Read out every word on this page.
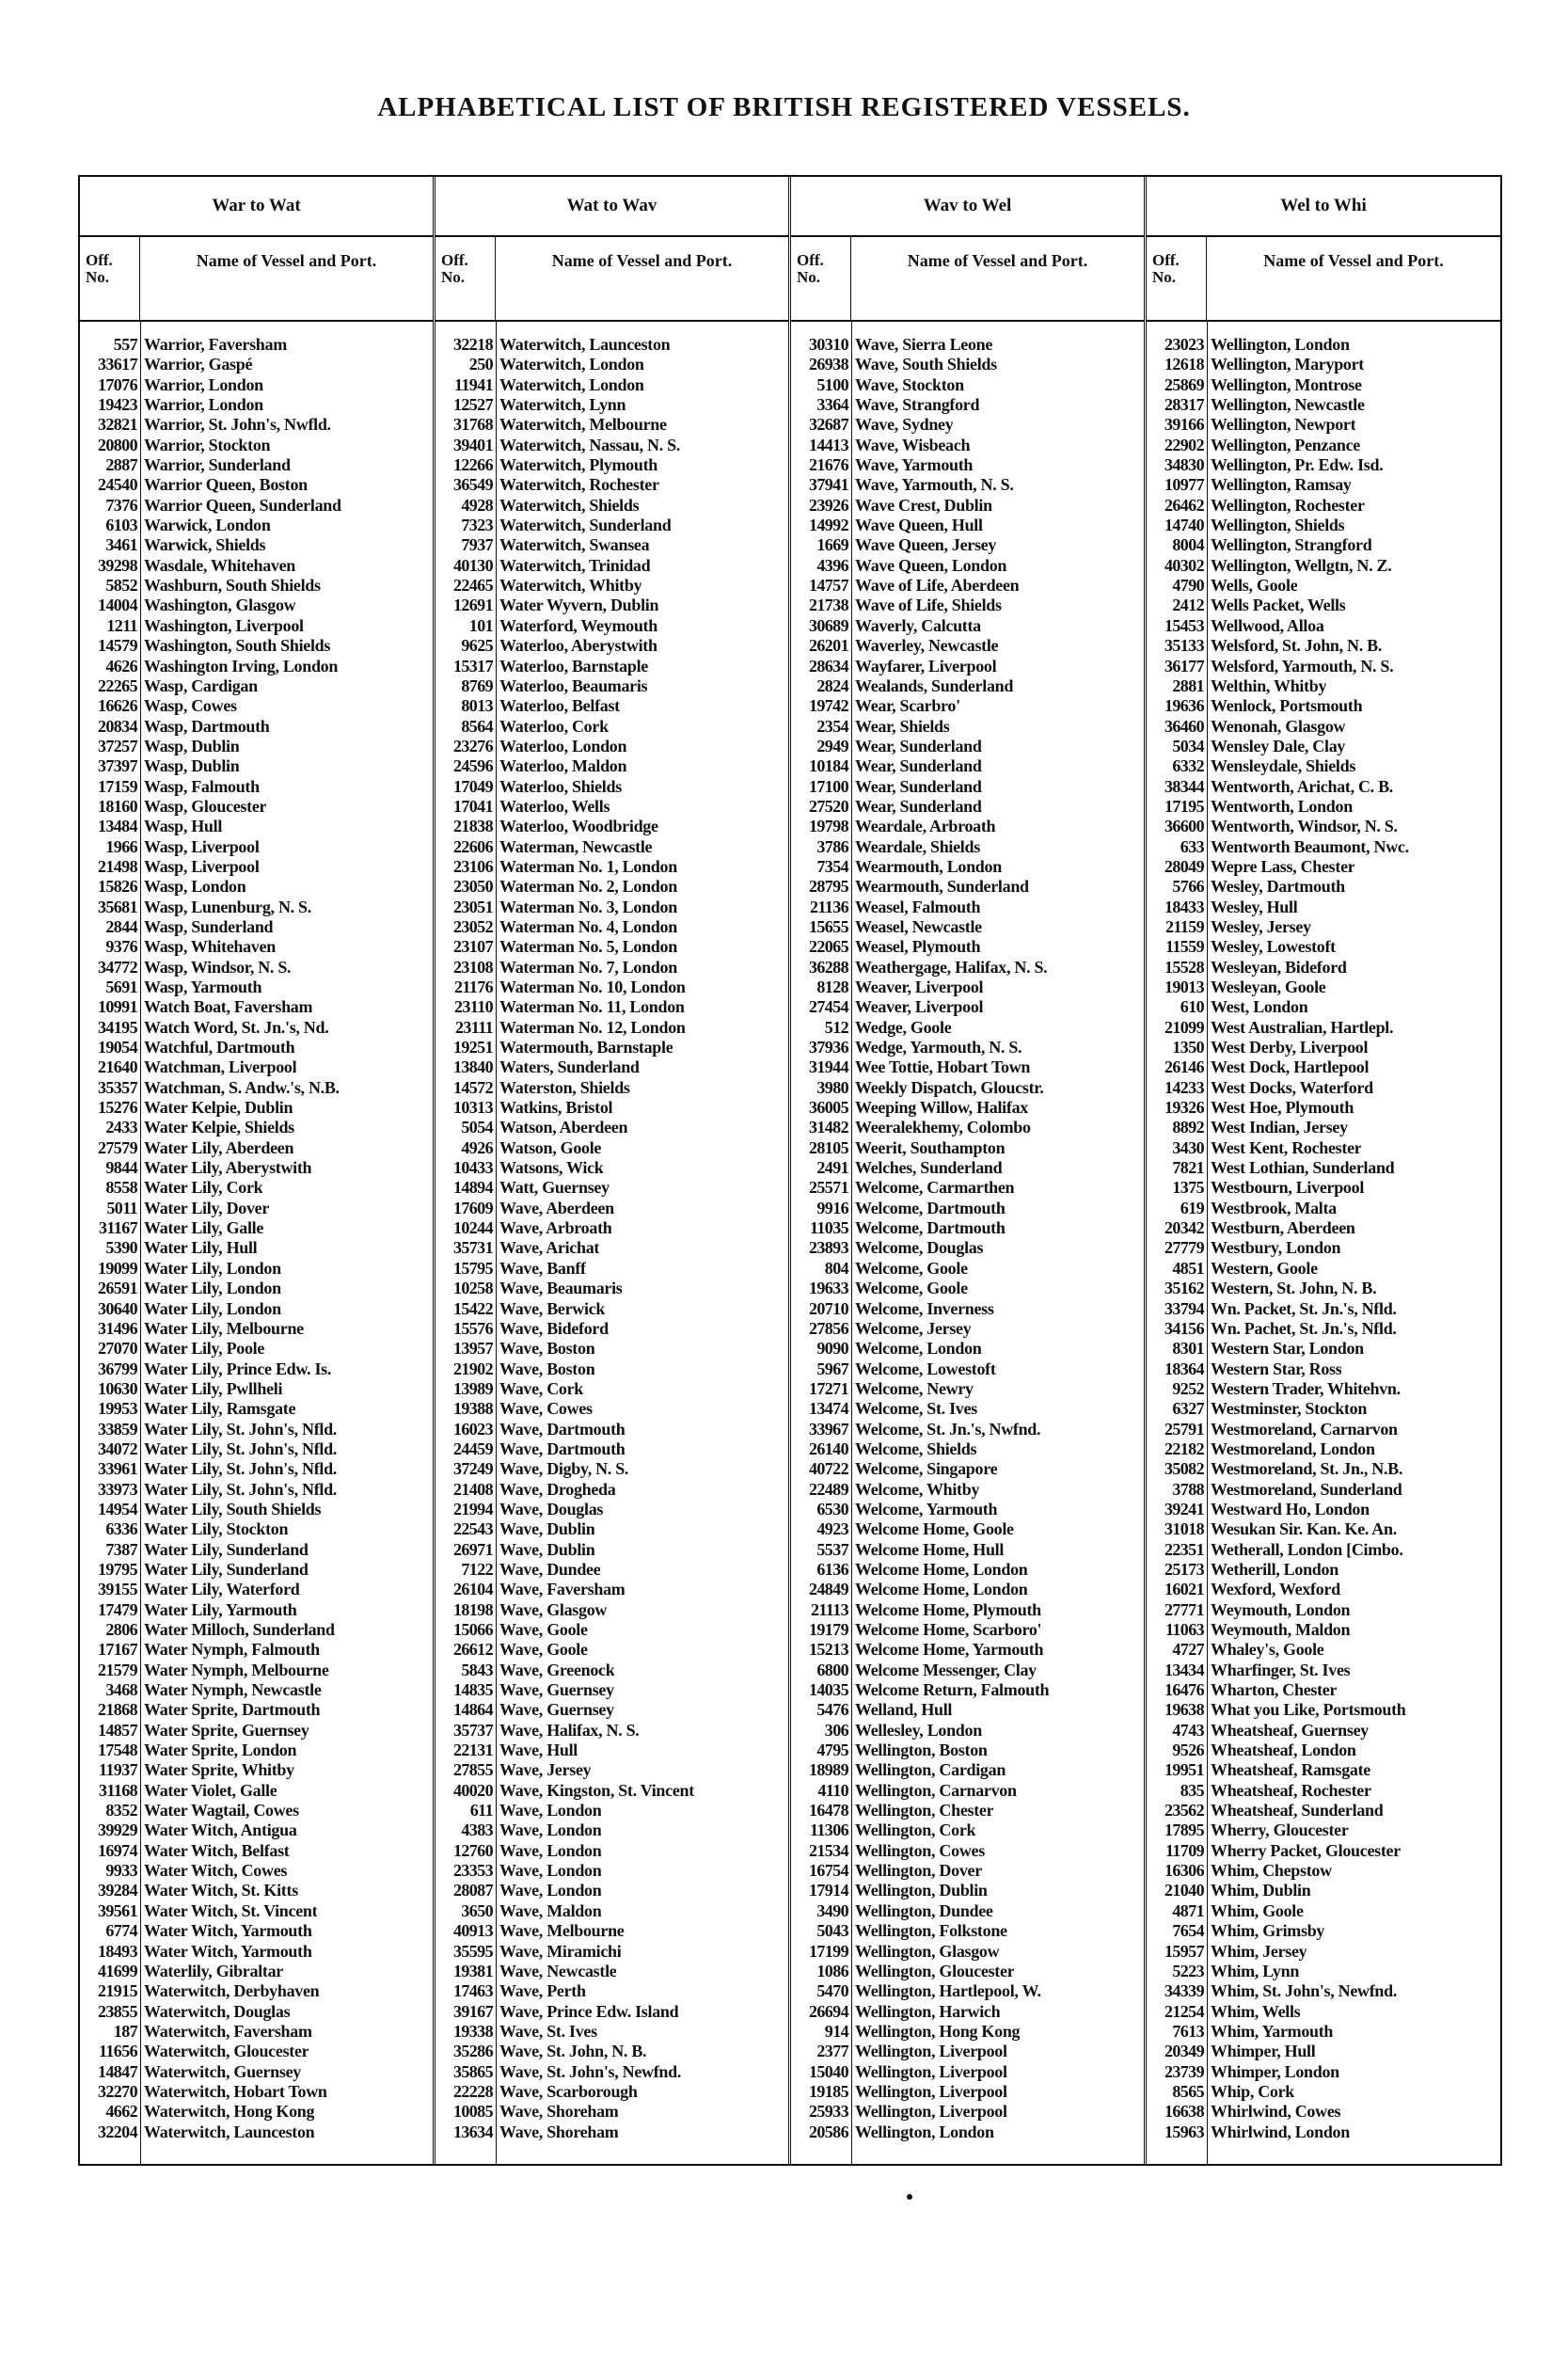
ALPHABETICAL LIST OF BRITISH REGISTERED VESSELS.
War to Wat
Off. No.
Name of Vessel and Port.
557 Warrior, Faversham
33617 Warrior, Gaspé
17076 Warrior, London
19423 Warrior, London
32821 Warrior, St. John's, Nwfld.
20800 Warrior, Stockton
2887 Warrior, Sunderland
24540 Warrior Queen, Boston
7376 Warrior Queen, Sunderland
6103 Warwick, London
3461 Warwick, Shields
39298 Wasdale, Whitehaven
5852 Washburn, South Shields
14004 Washington, Glasgow
1211 Washington, Liverpool
14579 Washington, South Shields
4626 Washington Irving, London
22265 Wasp, Cardigan
16626 Wasp, Cowes
20834 Wasp, Dartmouth
37257 Wasp, Dublin
37397 Wasp, Dublin
17159 Wasp, Falmouth
18160 Wasp, Gloucester
13484 Wasp, Hull
1966 Wasp, Liverpool
21498 Wasp, Liverpool
15826 Wasp, London
35681 Wasp, Lunenburg, N. S.
2844 Wasp, Sunderland
9376 Wasp, Whitehaven
34772 Wasp, Windsor, N. S.
5691 Wasp, Yarmouth
10991 Watch Boat, Faversham
34195 Watch Word, St. Jn.'s, Nd.
19054 Watchful, Dartmouth
21640 Watchman, Liverpool
35357 Watchman, S. Andw.'s, N.B.
15276 Water Kelpie, Dublin
2433 Water Kelpie, Shields
27579 Water Lily, Aberdeen
9844 Water Lily, Aberystwith
8558 Water Lily, Cork
5011 Water Lily, Dover
31167 Water Lily, Galle
5390 Water Lily, Hull
19099 Water Lily, London
26591 Water Lily, London
30640 Water Lily, London
31496 Water Lily, Melbourne
27070 Water Lily, Poole
36799 Water Lily, Prince Edw. Is.
10630 Water Lily, Pwllheli
19953 Water Lily, Ramsgate
33859 Water Lily, St. John's, Nfld.
34072 Water Lily, St. John's, Nfld.
33961 Water Lily, St. John's, Nfld.
33973 Water Lily, St. John's, Nfld.
14954 Water Lily, South Shields
6336 Water Lily, Stockton
7387 Water Lily, Sunderland
19795 Water Lily, Sunderland
39155 Water Lily, Waterford
17479 Water Lily, Yarmouth
2806 Water Milloch, Sunderland
17167 Water Nymph, Falmouth
21579 Water Nymph, Melbourne
3468 Water Nymph, Newcastle
21868 Water Sprite, Dartmouth
14857 Water Sprite, Guernsey
17548 Water Sprite, London
11937 Water Sprite, Whitby
31168 Water Violet, Galle
8352 Water Wagtail, Cowes
39929 Water Witch, Antigua
16974 Water Witch, Belfast
9933 Water Witch, Cowes
39284 Water Witch, St. Kitts
39561 Water Witch, St. Vincent
6774 Water Witch, Yarmouth
18493 Water Witch, Yarmouth
41699 Waterlily, Gibraltar
21915 Waterwitch, Derbyhaven
23855 Waterwitch, Douglas
187 Waterwitch, Faversham
11656 Waterwitch, Gloucester
14847 Waterwitch, Guernsey
32270 Waterwitch, Hobart Town
4662 Waterwitch, Hong Kong
32204 Waterwitch, Launceston
Wat to Wav
Off. No.
Name of Vessel and Port.
32218 Waterwitch, Launceston
250 Waterwitch, London
11941 Waterwitch, London
12527 Waterwitch, Lynn
31768 Waterwitch, Melbourne
39401 Waterwitch, Nassau, N. S.
12266 Waterwitch, Plymouth
36549 Waterwitch, Rochester
4928 Waterwitch, Shields
7323 Waterwitch, Sunderland
7937 Waterwitch, Swansea
40130 Waterwitch, Trinidad
22465 Waterwitch, Whitby
12691 Water Wyvern, Dublin
101 Waterford, Weymouth
9625 Waterloo, Aberystwith
15317 Waterloo, Barnstaple
8769 Waterloo, Beaumaris
8013 Waterloo, Belfast
8564 Waterloo, Cork
23276 Waterloo, London
24596 Waterloo, Maldon
17049 Waterloo, Shields
17041 Waterloo, Wells
21838 Waterloo, Woodbridge
22606 Waterman, Newcastle
23106 Waterman No. 1, London
23050 Waterman No. 2, London
23051 Waterman No. 3, London
23052 Waterman No. 4, London
23107 Waterman No. 5, London
23108 Waterman No. 7, London
21176 Waterman No. 10, London
23110 Waterman No. 11, London
23111 Waterman No. 12, London
19251 Watermouth, Barnstaple
13840 Waters, Sunderland
14572 Waterston, Shields
10313 Watkins, Bristol
5054 Watson, Aberdeen
4926 Watson, Goole
10433 Watsons, Wick
14894 Watt, Guernsey
17609 Wave, Aberdeen
10244 Wave, Arbroath
35731 Wave, Arichat
15795 Wave, Banff
10258 Wave, Beaumaris
15422 Wave, Berwick
15576 Wave, Bideford
13957 Wave, Boston
21902 Wave, Boston
13989 Wave, Cork
19388 Wave, Cowes
16023 Wave, Dartmouth
24459 Wave, Dartmouth
37249 Wave, Digby, N. S.
21408 Wave, Drogheda
21994 Wave, Douglas
22543 Wave, Dublin
26971 Wave, Dublin
7122 Wave, Dundee
26104 Wave, Faversham
18198 Wave, Glasgow
15066 Wave, Goole
26612 Wave, Goole
5843 Wave, Greenock
14835 Wave, Guernsey
14864 Wave, Guernsey
35737 Wave, Halifax, N. S.
22131 Wave, Hull
27855 Wave, Jersey
40020 Wave, Kingston, St. Vincent
611 Wave, London
4383 Wave, London
12760 Wave, London
23353 Wave, London
28087 Wave, London
3650 Wave, Maldon
40913 Wave, Melbourne
35595 Wave, Miramichi
19381 Wave, Newcastle
17463 Wave, Perth
39167 Wave, Prince Edw. Island
19338 Wave, St. Ives
35286 Wave, St. John, N. B.
35865 Wave, St. John's, Newfnd.
22228 Wave, Scarborough
10085 Wave, Shoreham
13634 Wave, Shoreham
Wav to Wel
Off. No.
Name of Vessel and Port.
30310 Wave, Sierra Leone
26938 Wave, South Shields
5100 Wave, Stockton
3364 Wave, Strangford
32687 Wave, Sydney
14413 Wave, Wisbeach
21676 Wave, Yarmouth
37941 Wave, Yarmouth, N. S.
23926 Wave Crest, Dublin
14992 Wave Queen, Hull
1669 Wave Queen, Jersey
4396 Wave Queen, London
14757 Wave of Life, Aberdeen
21738 Wave of Life, Shields
30689 Waverly, Calcutta
26201 Waverley, Newcastle
28634 Wayfarer, Liverpool
2824 Wealands, Sunderland
19742 Wear, Scarbro'
2354 Wear, Shields
2949 Wear, Sunderland
10184 Wear, Sunderland
17100 Wear, Sunderland
27520 Wear, Sunderland
19798 Weardale, Arbroath
3786 Weardale, Shields
7354 Wearmouth, London
28795 Wearmouth, Sunderland
21136 Weasel, Falmouth
15655 Weasel, Newcastle
22065 Weasel, Plymouth
36288 Weathergage, Halifax, N. S.
8128 Weaver, Liverpool
27454 Weaver, Liverpool
512 Wedge, Goole
37936 Wedge, Yarmouth, N. S.
31944 Wee Tottie, Hobart Town
3980 Weekly Dispatch, Gloucstr.
36005 Weeping Willow, Halifax
31482 Weeralekhemy, Colombo
28105 Weerit, Southampton
2491 Welches, Sunderland
25571 Welcome, Carmarthen
9916 Welcome, Dartmouth
11035 Welcome, Dartmouth
23893 Welcome, Douglas
804 Welcome, Goole
19633 Welcome, Goole
20710 Welcome, Inverness
27856 Welcome, Jersey
9090 Welcome, London
5967 Welcome, Lowestoft
17271 Welcome, Newry
13474 Welcome, St. Ives
33967 Welcome, St. Jn.'s, Nwfnd.
26140 Welcome, Shields
40722 Welcome, Singapore
22489 Welcome, Whitby
6530 Welcome, Yarmouth
4923 Welcome Home, Goole
5537 Welcome Home, Hull
6136 Welcome Home, London
24849 Welcome Home, London
21113 Welcome Home, Plymouth
19179 Welcome Home, Scarboro'
15213 Welcome Home, Yarmouth
6800 Welcome Messenger, Clay
14035 Welcome Return, Falmouth
5476 Welland, Hull
306 Wellesley, London
4795 Wellington, Boston
18989 Wellington, Cardigan
4110 Wellington, Carnarvon
16478 Wellington, Chester
11306 Wellington, Cork
21534 Wellington, Cowes
16754 Wellington, Dover
17914 Wellington, Dublin
3490 Wellington, Dundee
5043 Wellington, Folkstone
17199 Wellington, Glasgow
1086 Wellington, Gloucester
5470 Wellington, Hartlepool, W.
26694 Wellington, Harwich
914 Wellington, Hong Kong
2377 Wellington, Liverpool
15040 Wellington, Liverpool
19185 Wellington, Liverpool
25933 Wellington, Liverpool
20586 Wellington, London
Wel to Whi
Off. No.
Name of Vessel and Port.
23023 Wellington, London
12618 Wellington, Maryport
25869 Wellington, Montrose
28317 Wellington, Newcastle
39166 Wellington, Newport
22902 Wellington, Penzance
34830 Wellington, Pr. Edw. Isd.
10977 Wellington, Ramsay
26462 Wellington, Rochester
14740 Wellington, Shields
8004 Wellington, Strangford
40302 Wellington, Wellgtn, N. Z.
4790 Wells, Goole
2412 Wells Packet, Wells
15453 Wellwood, Alloa
35133 Welsford, St. John, N. B.
36177 Welsford, Yarmouth, N. S.
2881 Welthin, Whitby
19636 Wenlock, Portsmouth
36460 Wenonah, Glasgow
5034 Wensley Dale, Clay
6332 Wensleydale, Shields
38344 Wentworth, Arichat, C. B.
17195 Wentworth, London
36600 Wentworth, Windsor, N. S.
633 Wentworth Beaumont, Nwc.
28049 Wepre Lass, Chester
5766 Wesley, Dartmouth
18433 Wesley, Hull
21159 Wesley, Jersey
11559 Wesley, Lowestoft
15528 Wesleyan, Bideford
19013 Wesleyan, Goole
610 West, London
21099 West Australian, Hartlepl.
1350 West Derby, Liverpool
26146 West Dock, Hartlepool
14233 West Docks, Waterford
19326 West Hoe, Plymouth
8892 West Indian, Jersey
3430 West Kent, Rochester
7821 West Lothian, Sunderland
1375 Westbourn, Liverpool
619 Westbrook, Malta
20342 Westburn, Aberdeen
27779 Westbury, London
4851 Western, Goole
35162 Western, St. John, N. B.
33794 Wn. Packet, St. Jn.'s, Nfld.
34156 Wn. Pachet, St. Jn.'s, Nfld.
8301 Western Star, London
18364 Western Star, Ross
9252 Western Trader, Whitehvn.
6327 Westminster, Stockton
25791 Westmoreland, Carnarvon
22182 Westmoreland, London
35082 Westmoreland, St. Jn., N.B.
3788 Westmoreland, Sunderland
39241 Westward Ho, London
31018 Wesukan Sir. Kan. Ke. An.
22351 Wetherall, London [Cimbo.
25173 Wetherill, London
16021 Wexford, Wexford
27771 Weymouth, London
11063 Weymouth, Maldon
4727 Whaley's, Goole
13434 Wharfinger, St. Ives
16476 Wharton, Chester
19638 What you Like, Portsmouth
4743 Wheatsheaf, Guernsey
9526 Wheatsheaf, London
19951 Wheatsheaf, Ramsgate
835 Wheatsheaf, Rochester
23562 Wheatsheaf, Sunderland
17895 Wherry, Gloucester
11709 Wherry Packet, Gloucester
16306 Whim, Chepstow
21040 Whim, Dublin
4871 Whim, Goole
7654 Whim, Grimsby
15957 Whim, Jersey
5223 Whim, Lynn
34339 Whim, St. John's, Newfnd.
21254 Whim, Wells
7613 Whim, Yarmouth
20349 Whimper, Hull
23739 Whimper, London
8565 Whip, Cork
16638 Whirlwind, Cowes
15963 Whirlwind, London
